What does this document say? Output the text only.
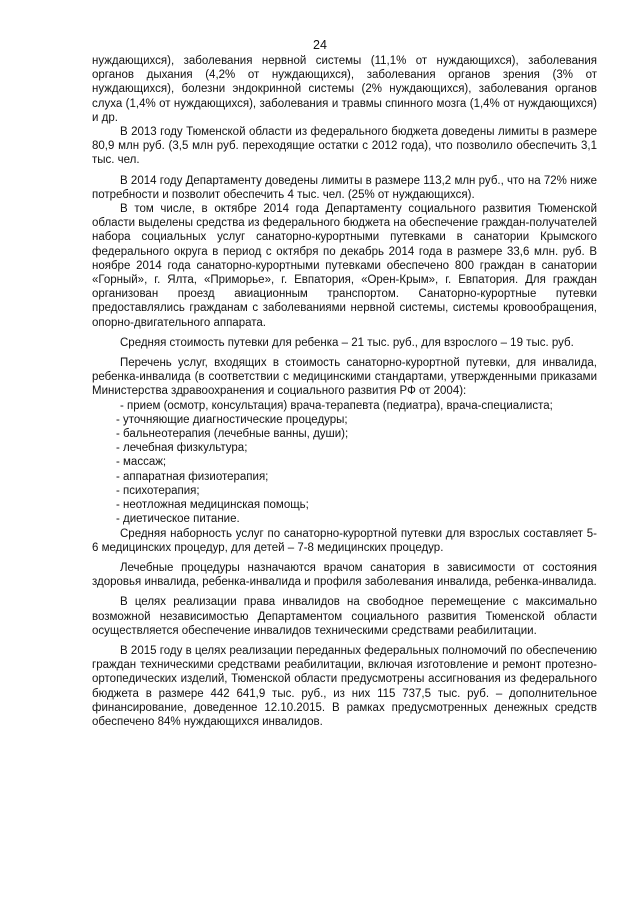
24

нуждающихся), заболевания нервной системы (11,1% от нуждающихся), заболевания органов дыхания (4,2% от нуждающихся), заболевания органов зрения (3% от нуждающихся), болезни эндокринной системы (2% нуждающихся), заболевания органов слуха (1,4% от нуждающихся), заболевания и травмы спинного мозга (1,4% от нуждающихся) и др.

В 2013 году Тюменской области из федерального бюджета доведены лимиты в размере 80,9 млн руб. (3,5 млн руб. переходящие остатки с 2012 года), что позволило обеспечить 3,1 тыс. чел.

В 2014 году Департаменту доведены лимиты в размере 113,2 млн руб., что на 72% ниже потребности и позволит обеспечить 4 тыс. чел. (25% от нуждающихся).

В том числе, в октябре 2014 года Департаменту социального развития Тюменской области выделены средства из федерального бюджета на обеспечение граждан-получателей набора социальных услуг санаторно-курортными путевками в санатории Крымского федерального округа в период с октября по декабрь 2014 года в размере 33,6 млн. руб. В ноябре 2014 года санаторно-курортными путевками обеспечено 800 граждан в санатории «Горный», г. Ялта, «Приморье», г. Евпатория, «Орен-Крым», г. Евпатория. Для граждан организован проезд авиационным транспортом. Санаторно-курортные путевки предоставлялись гражданам с заболеваниями нервной системы, системы кровообращения, опорно-двигательного аппарата.

Средняя стоимость путевки для ребенка – 21 тыс. руб., для взрослого – 19 тыс. руб.

Перечень услуг, входящих в стоимость санаторно-курортной путевки, для инвалида, ребенка-инвалида (в соответствии с медицинскими стандартами, утвержденными приказами Министерства здравоохранения и социального развития РФ от 2004):

- прием (осмотр, консультация) врача-терапевта (педиатра), врача-специалиста;

- уточняющие диагностические процедуры;

- бальнеотерапия (лечебные ванны, души);

- лечебная физкультура;

- массаж;

- аппаратная физиотерапия;

- психотерапия;

- неотложная медицинская помощь;

- диетическое питание.

Средняя наборность услуг по санаторно-курортной путевки для взрослых составляет 5-6 медицинских процедур, для детей – 7-8 медицинских процедур.

Лечебные процедуры назначаются врачом санатория в зависимости от состояния здоровья инвалида, ребенка-инвалида и профиля заболевания инвалида, ребенка-инвалида.

В целях реализации права инвалидов на свободное перемещение с максимально возможной независимостью Департаментом социального развития Тюменской области осуществляется обеспечение инвалидов техническими средствами реабилитации.

В 2015 году в целях реализации переданных федеральных полномочий по обеспечению граждан техническими средствами реабилитации, включая изготовление и ремонт протезно-ортопедических изделий, Тюменской области предусмотрены ассигнования из федерального бюджета в размере 442 641,9 тыс. руб., из них 115 737,5 тыс. руб. – дополнительное финансирование, доведенное 12.10.2015. В рамках предусмотренных денежных средств обеспечено 84% нуждающихся инвалидов.
